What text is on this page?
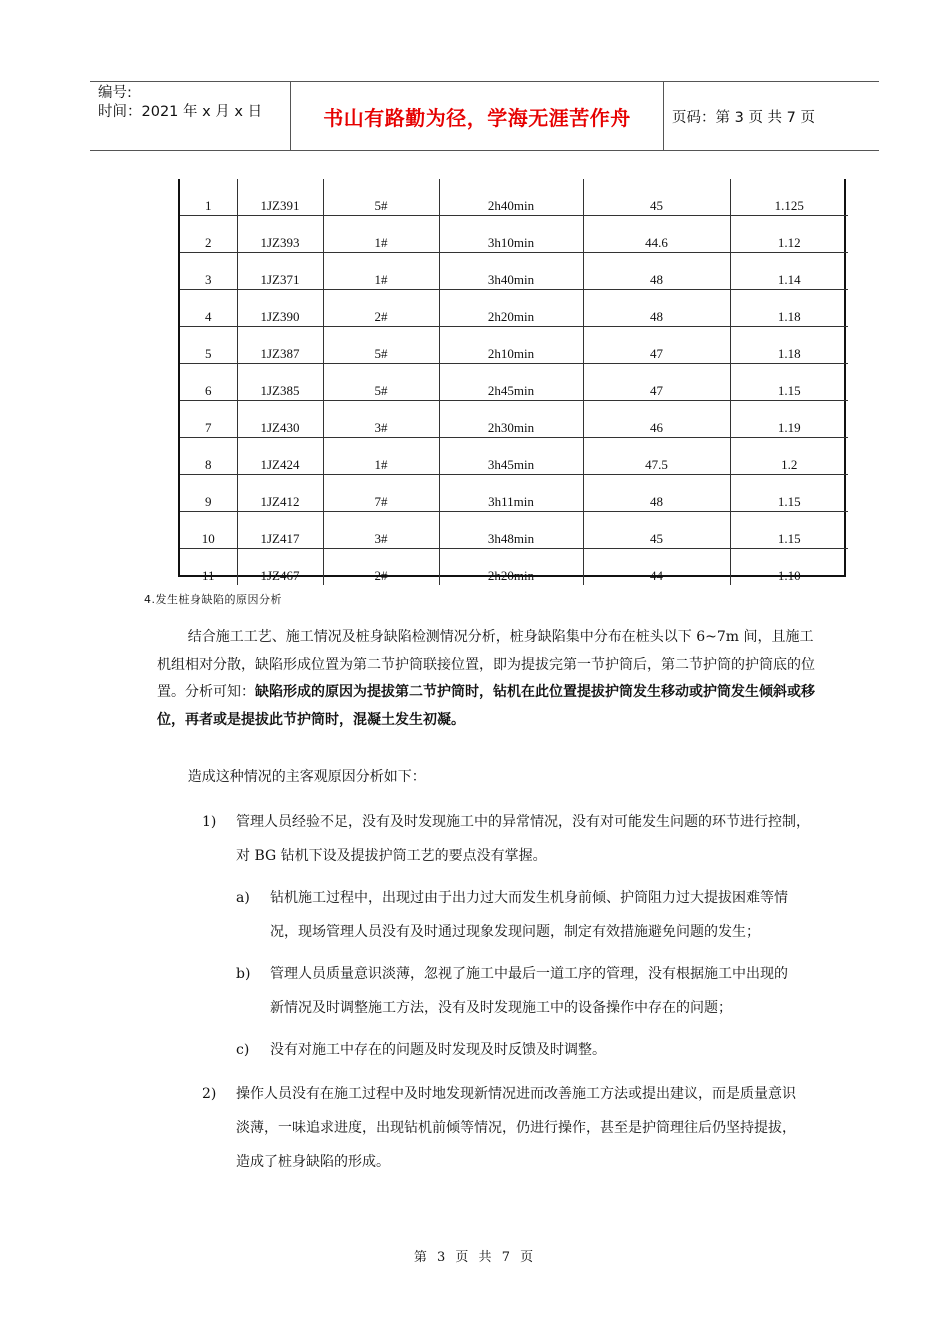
编号:
时间：2021 年 x 月 x 日	书山有路勤为径，学海无涯苦作舟	页码：第 3 页 共 7 页
1	1JZ391	5#	2h40min	45	1.125
2	1JZ393	1#	3h10min	44.6	1.12
3	1JZ371	1#	3h40min	48	1.14
4	1JZ390	2#	2h20min	48	1.18
5	1JZ387	5#	2h10min	47	1.18
6	1JZ385	5#	2h45min	47	1.15
7	1JZ430	3#	2h30min	46	1.19
8	1JZ424	1#	3h45min	47.5	1.2
9	1JZ412	7#	3h11min	48	1.15
10	1JZ417	3#	3h48min	45	1.15
11	1JZ467	2#	2h20min	44	1.10
4.发生桩身缺陷的原因分析
结合施工工艺、施工情况及桩身缺陷检测情况分析，桩身缺陷集中分布在桩头以下 6~7m 间，且施工机组相对分散，缺陷形成位置为第二节护筒联接位置，即为提拔完第一节护筒后，第二节护筒的护筒底的位置。分析可知：缺陷形成的原因为提拔第二节护筒时，钻机在此位置提拔护筒发生移动或护筒发生倾斜或移位，再者或是提拔此节护筒时，混凝土发生初凝。
造成这种情况的主客观原因分析如下：
1) 管理人员经验不足，没有及时发现施工中的异常情况，没有对可能发生问题的环节进行控制，
对 BG 钻机下设及提拔护筒工艺的要点没有掌握。
a) 钻机施工过程中，出现过由于出力过大而发生机身前倾、护筒阻力过大提拔困难等情
况，现场管理人员没有及时通过现象发现问题，制定有效措施避免问题的发生；
b) 管理人员质量意识淡薄，忽视了施工中最后一道工序的管理，没有根据施工中出现的
新情况及时调整施工方法，没有及时发现施工中的设备操作中存在的问题；
c) 没有对施工中存在的问题及时发现及时反馈及时调整。
2) 操作人员没有在施工过程中及时地发现新情况进而改善施工方法或提出建议，而是质量意识
淡薄，一味追求进度，出现钻机前倾等情况，仍进行操作，甚至是护筒理往后仍坚持提拔，
造成了桩身缺陷的形成。
第 3 页 共 7 页
